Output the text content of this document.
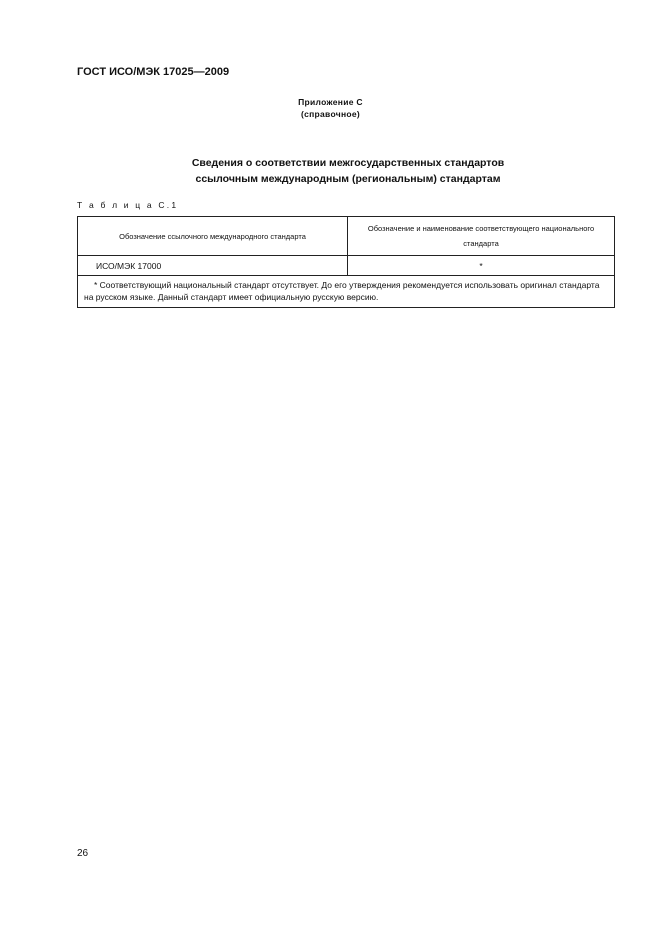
ГОСТ ИСО/МЭК 17025—2009
Приложение С
(справочное)
Сведения о соответствии межгосударственных стандартов
ссылочным международным (региональным) стандартам
Т а б л и ц а С.1
Обозначение ссылочного международного стандарта	Обозначение и наименование соответствующего национального стандарта
ИСО/МЭК 17000	*
* Соответствующий национальный стандарт отсутствует. До его утверждения рекомендуется использовать оригинал стандарта на русском языке. Данный стандарт имеет официальную русскую версию.	
26
